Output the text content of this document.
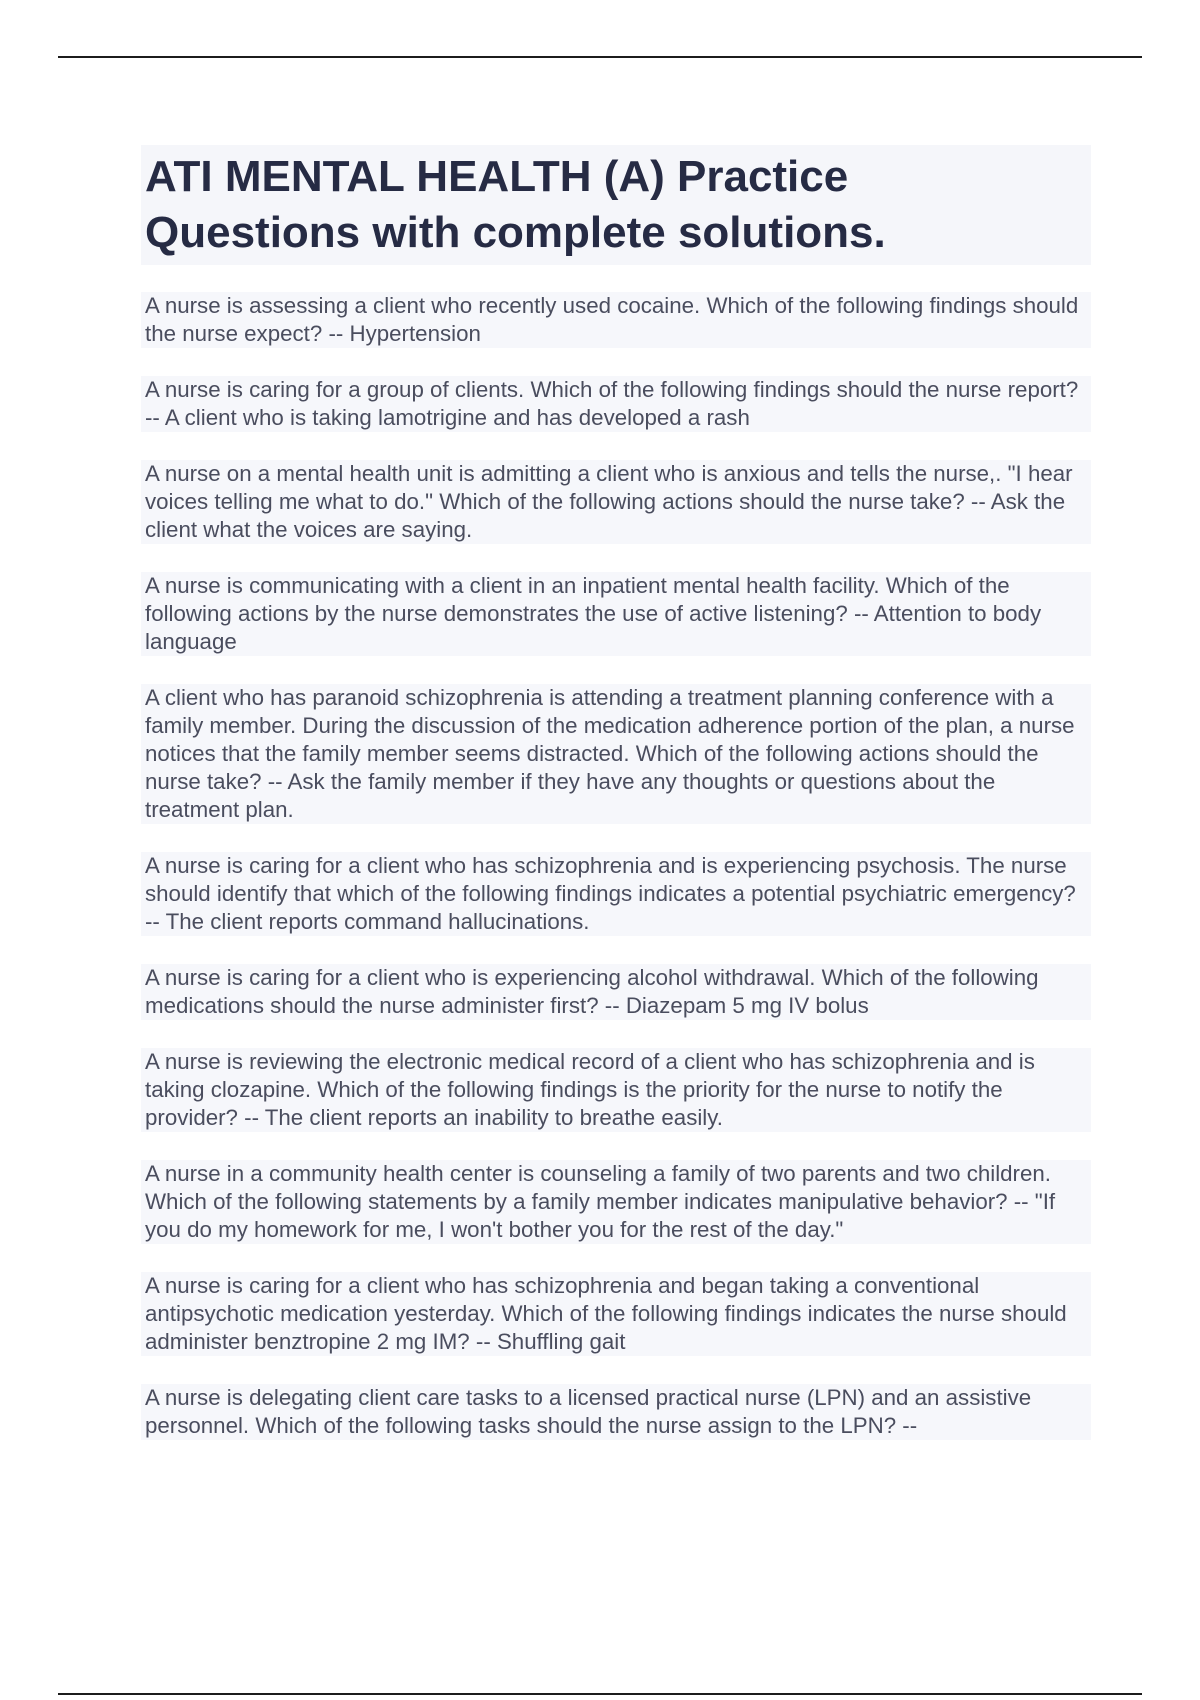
ATI MENTAL HEALTH (A) Practice
Questions with complete solutions.

A nurse is assessing a client who recently used cocaine. Which of the following findings should the nurse expect? -- Hypertension

A nurse is caring for a group of clients. Which of the following findings should the nurse report? -- A client who is taking lamotrigine and has developed a rash

A nurse on a mental health unit is admitting a client who is anxious and tells the nurse,. "I hear voices telling me what to do." Which of the following actions should the nurse take? -- Ask the client what the voices are saying.

A nurse is communicating with a client in an inpatient mental health facility. Which of the following actions by the nurse demonstrates the use of active listening? -- Attention to body language

A client who has paranoid schizophrenia is attending a treatment planning conference with a family member. During the discussion of the medication adherence portion of the plan, a nurse notices that the family member seems distracted. Which of the following actions should the nurse take? -- Ask the family member if they have any thoughts or questions about the treatment plan.

A nurse is caring for a client who has schizophrenia and is experiencing psychosis. The nurse should identify that which of the following findings indicates a potential psychiatric emergency? -- The client reports command hallucinations.

A nurse is caring for a client who is experiencing alcohol withdrawal. Which of the following medications should the nurse administer first? -- Diazepam 5 mg IV bolus

A nurse is reviewing the electronic medical record of a client who has schizophrenia and is taking clozapine. Which of the following findings is the priority for the nurse to notify the provider? -- The client reports an inability to breathe easily.

A nurse in a community health center is counseling a family of two parents and two children. Which of the following statements by a family member indicates manipulative behavior? -- "If you do my homework for me, I won't bother you for the rest of the day."

A nurse is caring for a client who has schizophrenia and began taking a conventional antipsychotic medication yesterday. Which of the following findings indicates the nurse should administer benztropine 2 mg IM? -- Shuffling gait

A nurse is delegating client care tasks to a licensed practical nurse (LPN) and an assistive personnel. Which of the following tasks should the nurse assign to the LPN? --
